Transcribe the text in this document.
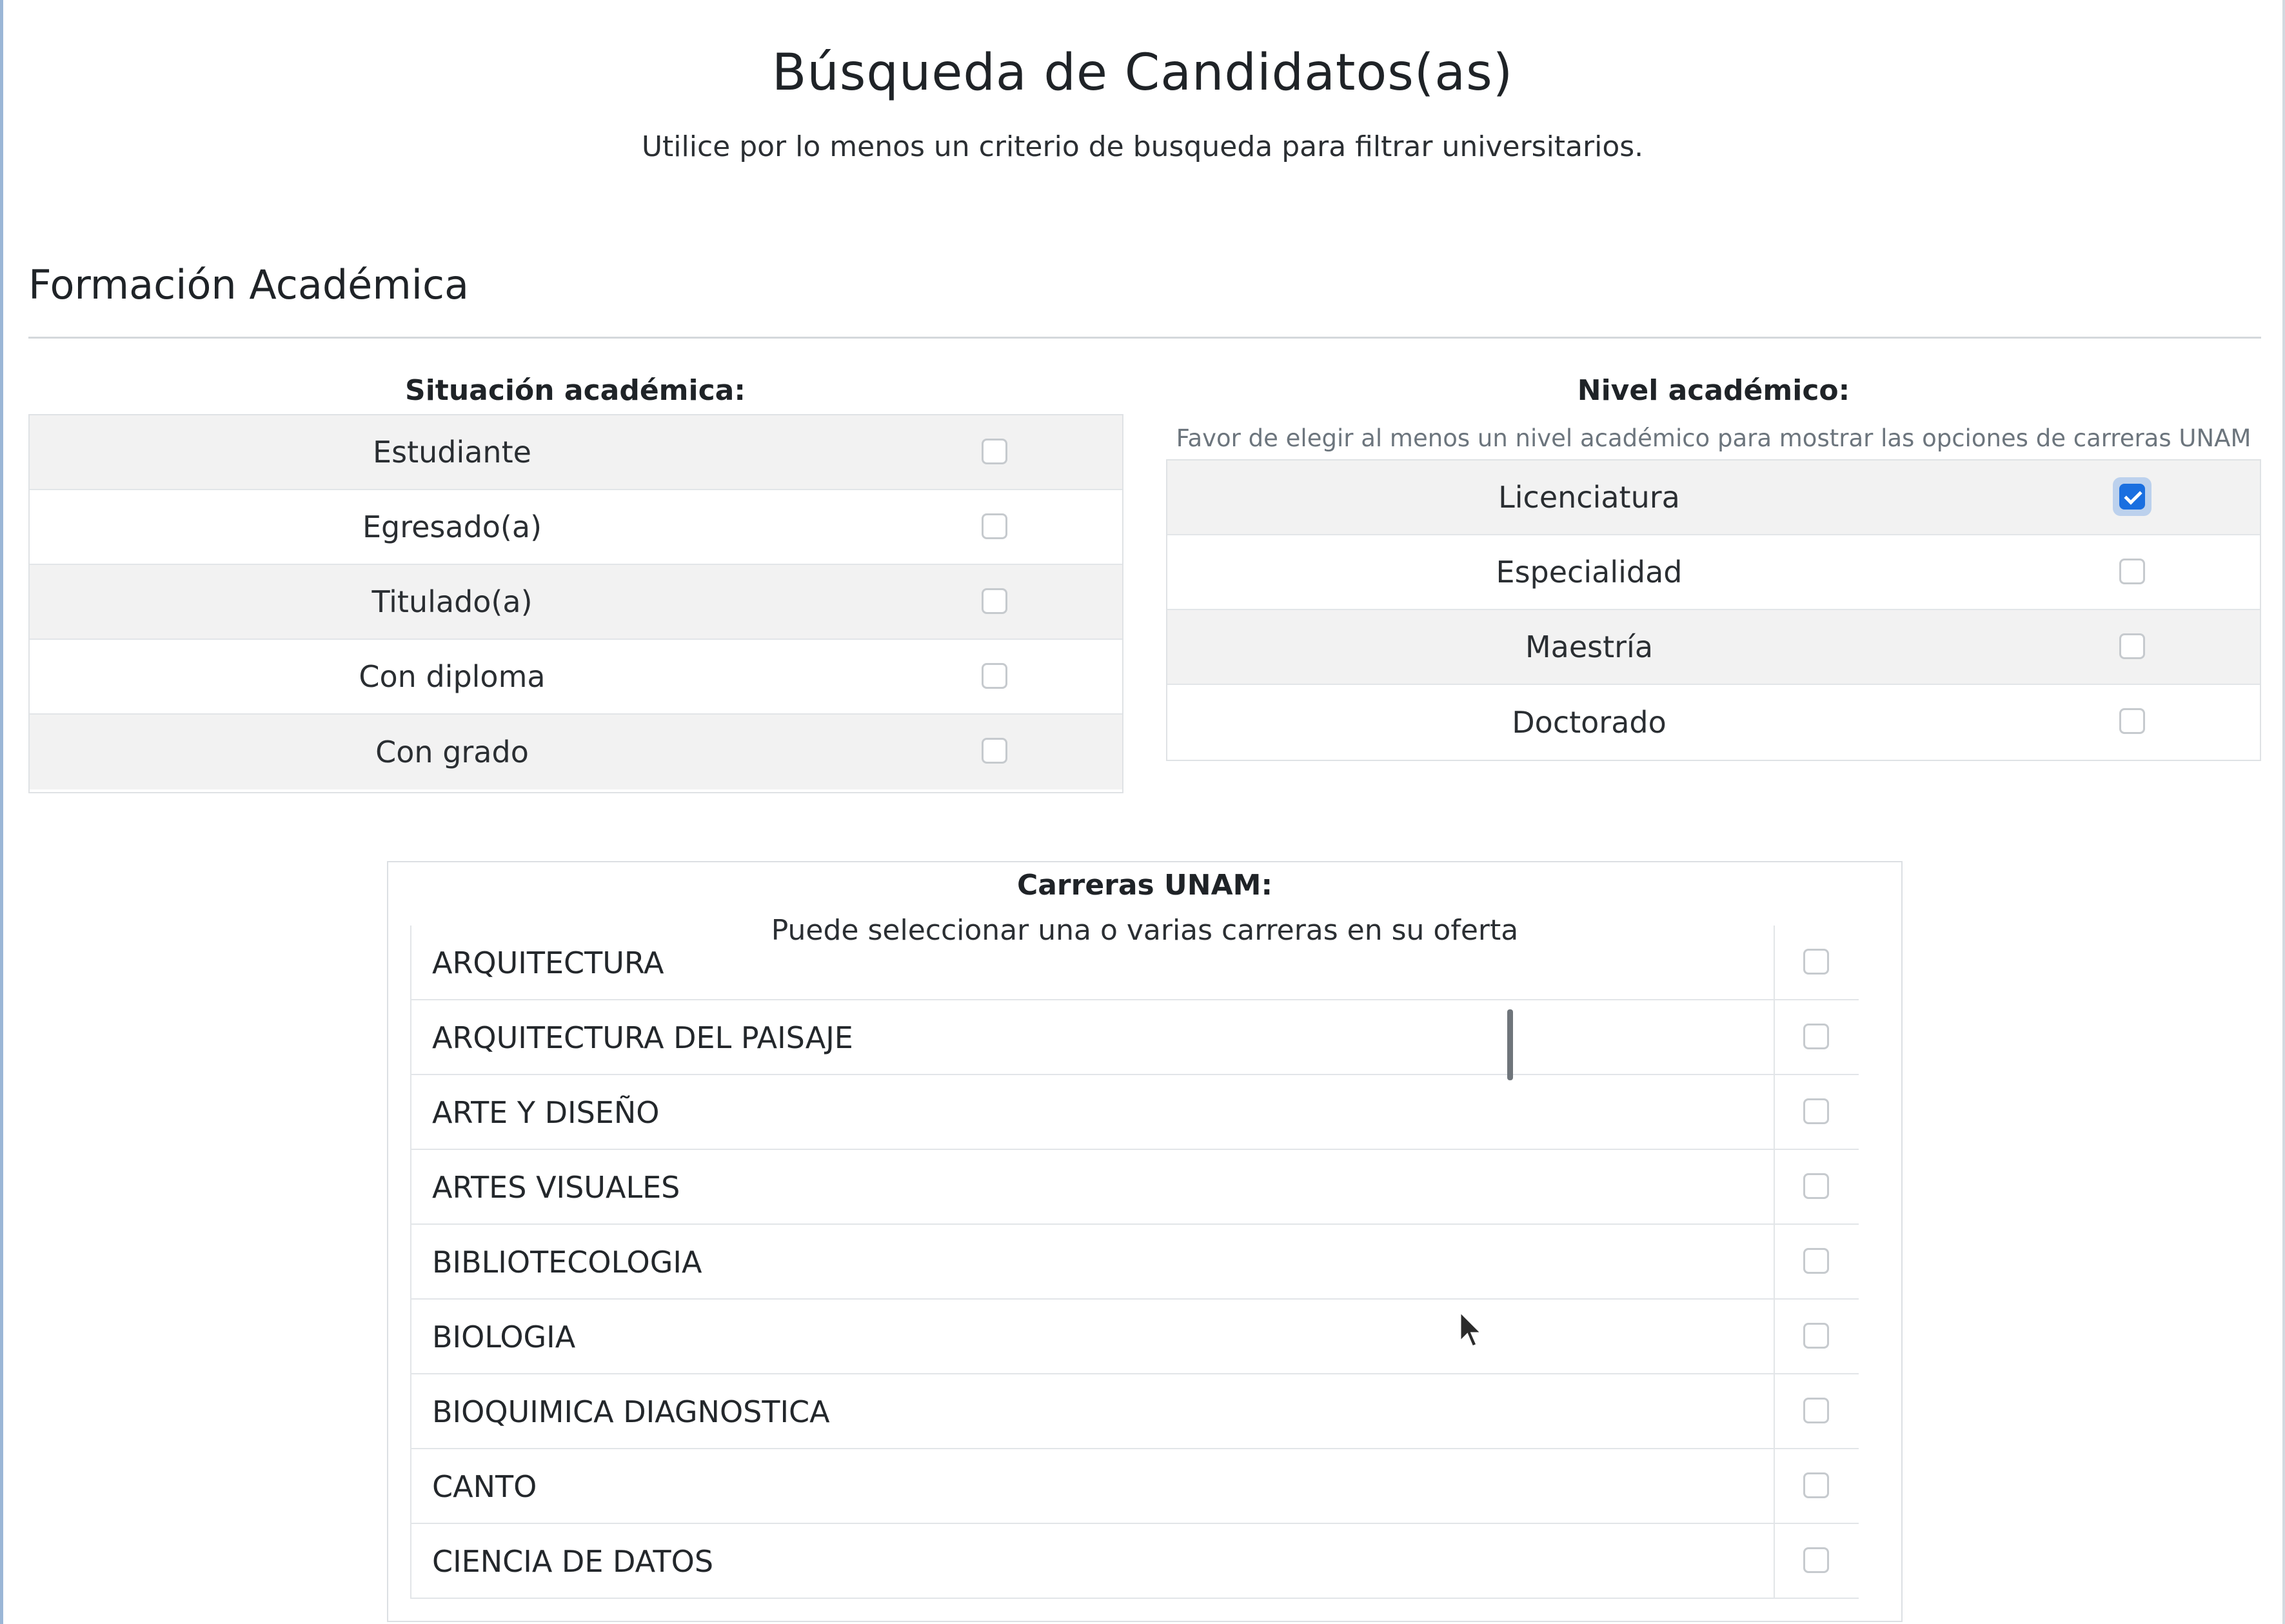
Búsqueda de Candidatos(as)
Utilice por lo menos un criterio de busqueda para filtrar universitarios.
Formación Académica
Situación académica:
Estudiante
Egresado(a)
Titulado(a)
Con diploma
Con grado
Nivel académico:
Favor de elegir al menos un nivel académico para mostrar las opciones de carreras UNAM
Licenciatura
Especialidad
Maestría
Doctorado
Carreras UNAM:
Puede seleccionar una o varias carreras en su oferta
ARQUITECTURA
ARQUITECTURA DEL PAISAJE
ARTE Y DISEÑO
ARTES VISUALES
BIBLIOTECOLOGIA
BIOLOGIA
BIOQUIMICA DIAGNOSTICA
CANTO
CIENCIA DE DATOS
